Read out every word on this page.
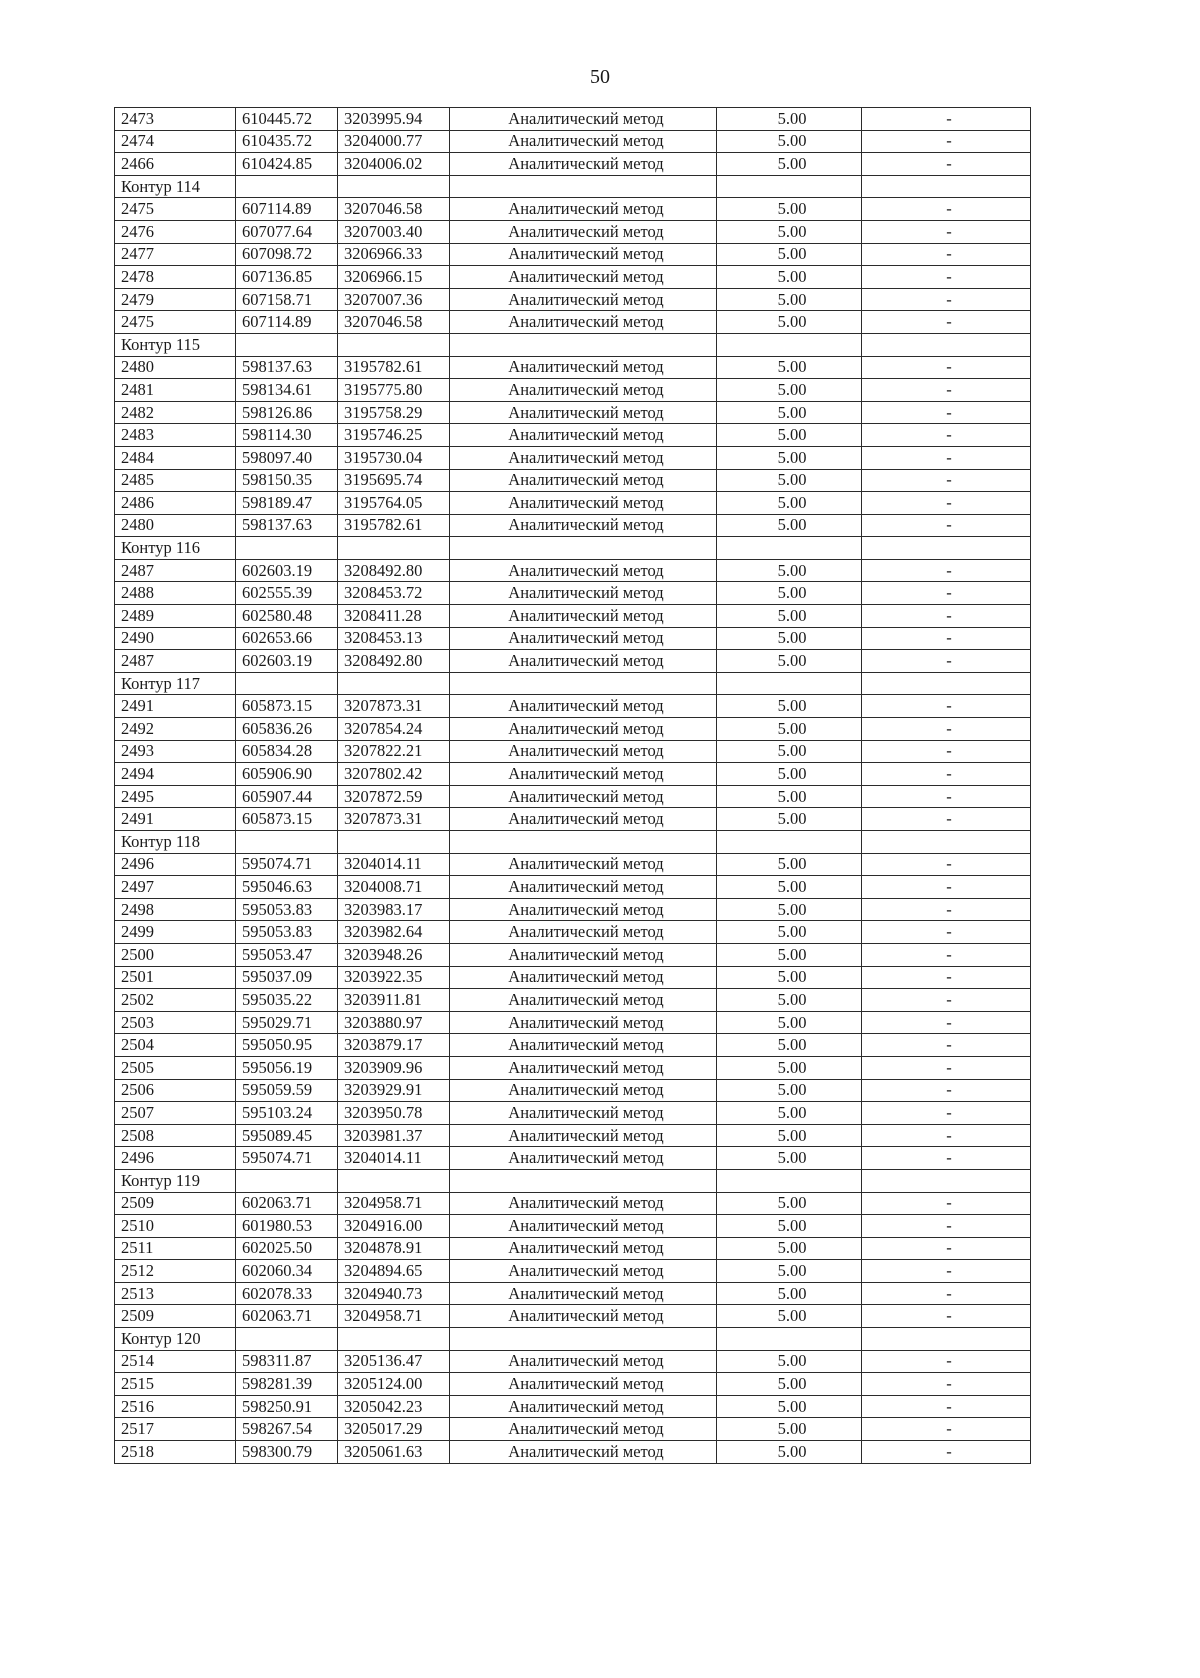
50
2473	610445.72	3203995.94	Аналитический метод	5.00	-
2474	610435.72	3204000.77	Аналитический метод	5.00	-
2466	610424.85	3204006.02	Аналитический метод	5.00	-
Контур 114					
2475	607114.89	3207046.58	Аналитический метод	5.00	-
2476	607077.64	3207003.40	Аналитический метод	5.00	-
2477	607098.72	3206966.33	Аналитический метод	5.00	-
2478	607136.85	3206966.15	Аналитический метод	5.00	-
2479	607158.71	3207007.36	Аналитический метод	5.00	-
2475	607114.89	3207046.58	Аналитический метод	5.00	-
Контур 115					
2480	598137.63	3195782.61	Аналитический метод	5.00	-
2481	598134.61	3195775.80	Аналитический метод	5.00	-
2482	598126.86	3195758.29	Аналитический метод	5.00	-
2483	598114.30	3195746.25	Аналитический метод	5.00	-
2484	598097.40	3195730.04	Аналитический метод	5.00	-
2485	598150.35	3195695.74	Аналитический метод	5.00	-
2486	598189.47	3195764.05	Аналитический метод	5.00	-
2480	598137.63	3195782.61	Аналитический метод	5.00	-
Контур 116					
2487	602603.19	3208492.80	Аналитический метод	5.00	-
2488	602555.39	3208453.72	Аналитический метод	5.00	-
2489	602580.48	3208411.28	Аналитический метод	5.00	-
2490	602653.66	3208453.13	Аналитический метод	5.00	-
2487	602603.19	3208492.80	Аналитический метод	5.00	-
Контур 117					
2491	605873.15	3207873.31	Аналитический метод	5.00	-
2492	605836.26	3207854.24	Аналитический метод	5.00	-
2493	605834.28	3207822.21	Аналитический метод	5.00	-
2494	605906.90	3207802.42	Аналитический метод	5.00	-
2495	605907.44	3207872.59	Аналитический метод	5.00	-
2491	605873.15	3207873.31	Аналитический метод	5.00	-
Контур 118					
2496	595074.71	3204014.11	Аналитический метод	5.00	-
2497	595046.63	3204008.71	Аналитический метод	5.00	-
2498	595053.83	3203983.17	Аналитический метод	5.00	-
2499	595053.83	3203982.64	Аналитический метод	5.00	-
2500	595053.47	3203948.26	Аналитический метод	5.00	-
2501	595037.09	3203922.35	Аналитический метод	5.00	-
2502	595035.22	3203911.81	Аналитический метод	5.00	-
2503	595029.71	3203880.97	Аналитический метод	5.00	-
2504	595050.95	3203879.17	Аналитический метод	5.00	-
2505	595056.19	3203909.96	Аналитический метод	5.00	-
2506	595059.59	3203929.91	Аналитический метод	5.00	-
2507	595103.24	3203950.78	Аналитический метод	5.00	-
2508	595089.45	3203981.37	Аналитический метод	5.00	-
2496	595074.71	3204014.11	Аналитический метод	5.00	-
Контур 119					
2509	602063.71	3204958.71	Аналитический метод	5.00	-
2510	601980.53	3204916.00	Аналитический метод	5.00	-
2511	602025.50	3204878.91	Аналитический метод	5.00	-
2512	602060.34	3204894.65	Аналитический метод	5.00	-
2513	602078.33	3204940.73	Аналитический метод	5.00	-
2509	602063.71	3204958.71	Аналитический метод	5.00	-
Контур 120					
2514	598311.87	3205136.47	Аналитический метод	5.00	-
2515	598281.39	3205124.00	Аналитический метод	5.00	-
2516	598250.91	3205042.23	Аналитический метод	5.00	-
2517	598267.54	3205017.29	Аналитический метод	5.00	-
2518	598300.79	3205061.63	Аналитический метод	5.00	-
